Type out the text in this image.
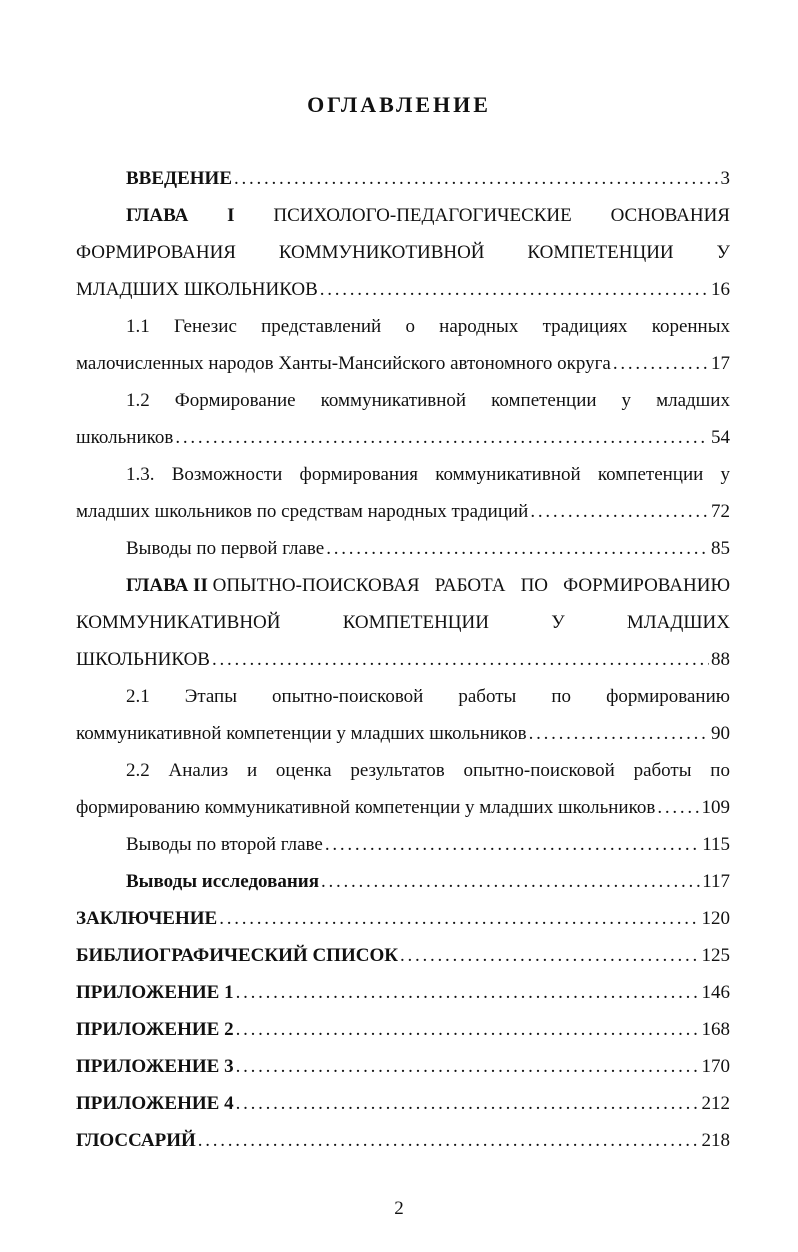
ОГЛАВЛЕНИЕ
ВВЕДЕНИЕ . . .	3
ГЛАВА I ПСИХОЛОГО-ПЕДАГОГИЧЕСКИЕ ОСНОВАНИЯ
ФОРМИРОВАНИЯ КОММУНИКОТИВНОЙ КОМПЕТЕНЦИИ У
МЛАДШИХ ШКОЛЬНИКОВ . . .	16
1.1 Генезис представлений о народных традициях коренных
малочисленных народов Ханты-Мансийского автономного округа . . .	17
1.2 Формирование коммуникативной компетенции у младших
школьников . . .	54
1.3. Возможности формирования коммуникативной компетенции у
младших школьников по средствам народных традиций . . .	72
Выводы по первой главе . . .	85
ГЛАВА II ОПЫТНО-ПОИСКОВАЯ РАБОТА ПО ФОРМИРОВАНИЮ
КОММУНИКАТИВНОЙ	КОМПЕТЕНЦИИ	У	МЛАДШИХ
ШКОЛЬНИКОВ . . .	88
2.1 Этапы опытно-поисковой работы по формированию
коммуникативной компетенции у младших школьников . . .	90
2.2 Анализ и оценка результатов опытно-поисковой работы по
формированию коммуникативной компетенции у младших школьников . . . 109
Выводы по второй главе . . .	115
Выводы исследования . . .	117
ЗАКЛЮЧЕНИЕ . . .	120
БИБЛИОГРАФИЧЕСКИЙ СПИСОК . . .	125
ПРИЛОЖЕНИЕ 1 . . .	146
ПРИЛОЖЕНИЕ 2 . . .	168
ПРИЛОЖЕНИЕ 3 . . .	170
ПРИЛОЖЕНИЕ 4 . . .	212
ГЛОССАРИЙ . . .	218
2
